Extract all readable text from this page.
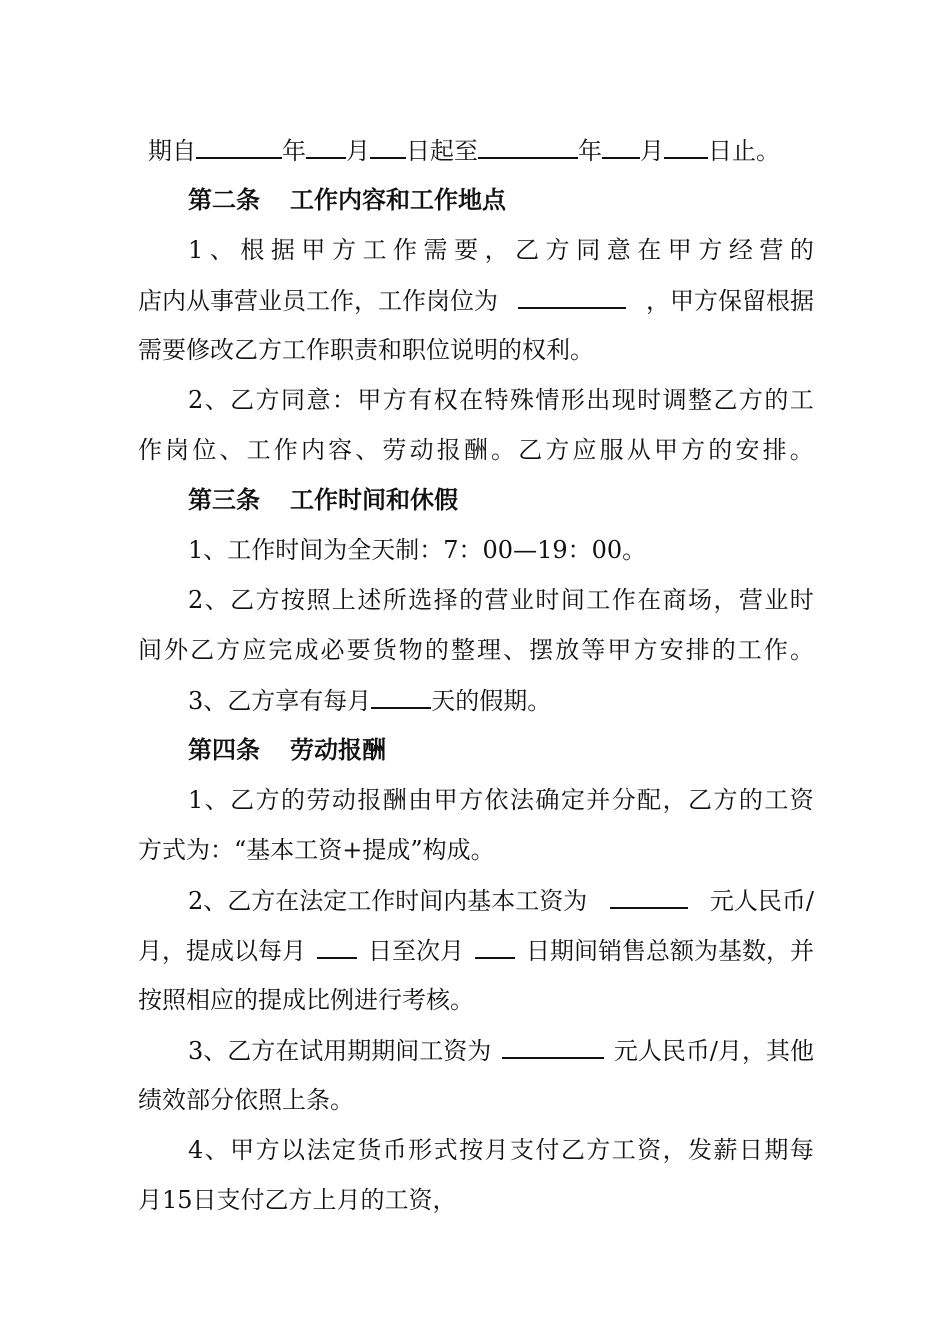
期自	年 月 日起至	年 月 日止。
第二条 工作内容和工作地点
1 、 根 据 甲 方 工 作 需 要 ， 乙 方 同 意 在 甲 方 经 营 的
店内从事营业员工作，工作岗位为	，甲方保留根据
需要修改乙方工作职责和职位说明的权利。
2 、 乙 方 同 意 ： 甲 方 有 权 在 特 殊 情 形 出 现 时 调 整 乙 方 的 工
作 岗 位 、 工 作 内 容 、 劳 动 报 酬 。 乙 方 应 服 从 甲 方 的 安 排 。
第三条 工作时间和休假
1、工作时间为全天制：7：00—19：00。
2 、 乙 方 按 照 上 述 所 选 择 的 营 业 时 间 工 作 在 商 场 ， 营 业 时
间 外 乙 方 应 完 成 必 要 货 物 的 整 理 、 摆 放 等 甲 方 安 排 的 工 作 。
3、乙方享有每月	天的假期。
第四条 劳动报酬
1 、 乙 方 的 劳 动 报 酬 由 甲 方 依 法 确 定 并 分 配 ， 乙 方 的 工 资
方式为：“基本工资+提成”构成。
2、乙方在法定工作时间内基本工资为	元人民币/
月，提成以每月	日至次月	日期间销售总额为基数，并
按照相应的提成比例进行考核。
3、乙方在试用期期间工资为	元人民币/月，其他
绩效部分依照上条。
4 、 甲 方 以 法 定 货 币 形 式 按 月 支 付 乙 方 工 资 ， 发 薪 日 期 每
月15日支付乙方上月的工资，
